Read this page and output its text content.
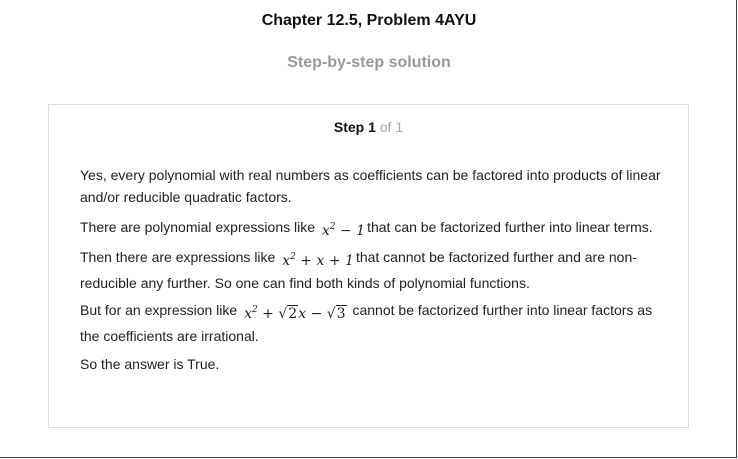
Chapter 12.5, Problem 4AYU
Step-by-step solution
Step 1 of 1
Yes, every polynomial with real numbers as coefficients can be factored into products of linear and/or reducible quadratic factors.
There are polynomial expressions like $x^2 - 1$ that can be factorized further into linear terms.
Then there are expressions like $x^2 + x + 1$ that cannot be factorized further and are non-reducible any further. So one can find both kinds of polynomial functions.
But for an expression like $x^2 + √2x - √3$ cannot be factorized further into linear factors as the coefficients are irrational.
So the answer is True.
